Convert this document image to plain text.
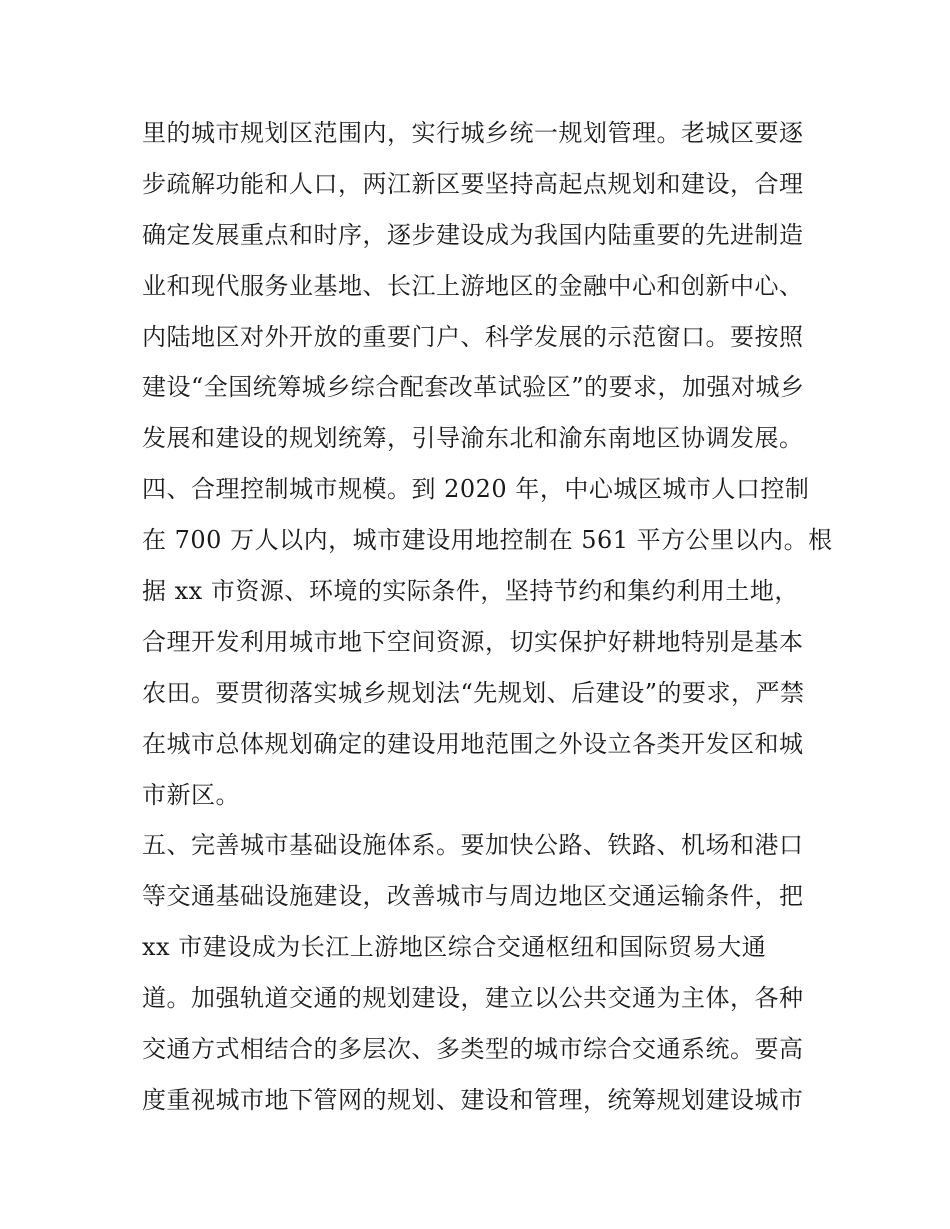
里的城市规划区范围内，实行城乡统一规划管理。老城区要逐
步疏解功能和人口，两江新区要坚持高起点规划和建设，合理
确定发展重点和时序，逐步建设成为我国内陆重要的先进制造
业和现代服务业基地、长江上游地区的金融中心和创新中心、
内陆地区对外开放的重要门户、科学发展的示范窗口。要按照
建设“全国统筹城乡综合配套改革试验区”的要求，加强对城乡
发展和建设的规划统筹，引导渝东北和渝东南地区协调发展。
四、合理控制城市规模。到 2020 年，中心城区城市人口控制
在 700 万人以内，城市建设用地控制在 561 平方公里以内。根
据 xx 市资源、环境的实际条件，坚持节约和集约利用土地，
合理开发利用城市地下空间资源，切实保护好耕地特别是基本
农田。要贯彻落实城乡规划法“先规划、后建设”的要求，严禁
在城市总体规划确定的建设用地范围之外设立各类开发区和城
市新区。
五、完善城市基础设施体系。要加快公路、铁路、机场和港口
等交通基础设施建设，改善城市与周边地区交通运输条件，把
xx 市建设成为长江上游地区综合交通枢纽和国际贸易大通
道。加强轨道交通的规划建设，建立以公共交通为主体，各种
交通方式相结合的多层次、多类型的城市综合交通系统。要高
度重视城市地下管网的规划、建设和管理，统筹规划建设城市
